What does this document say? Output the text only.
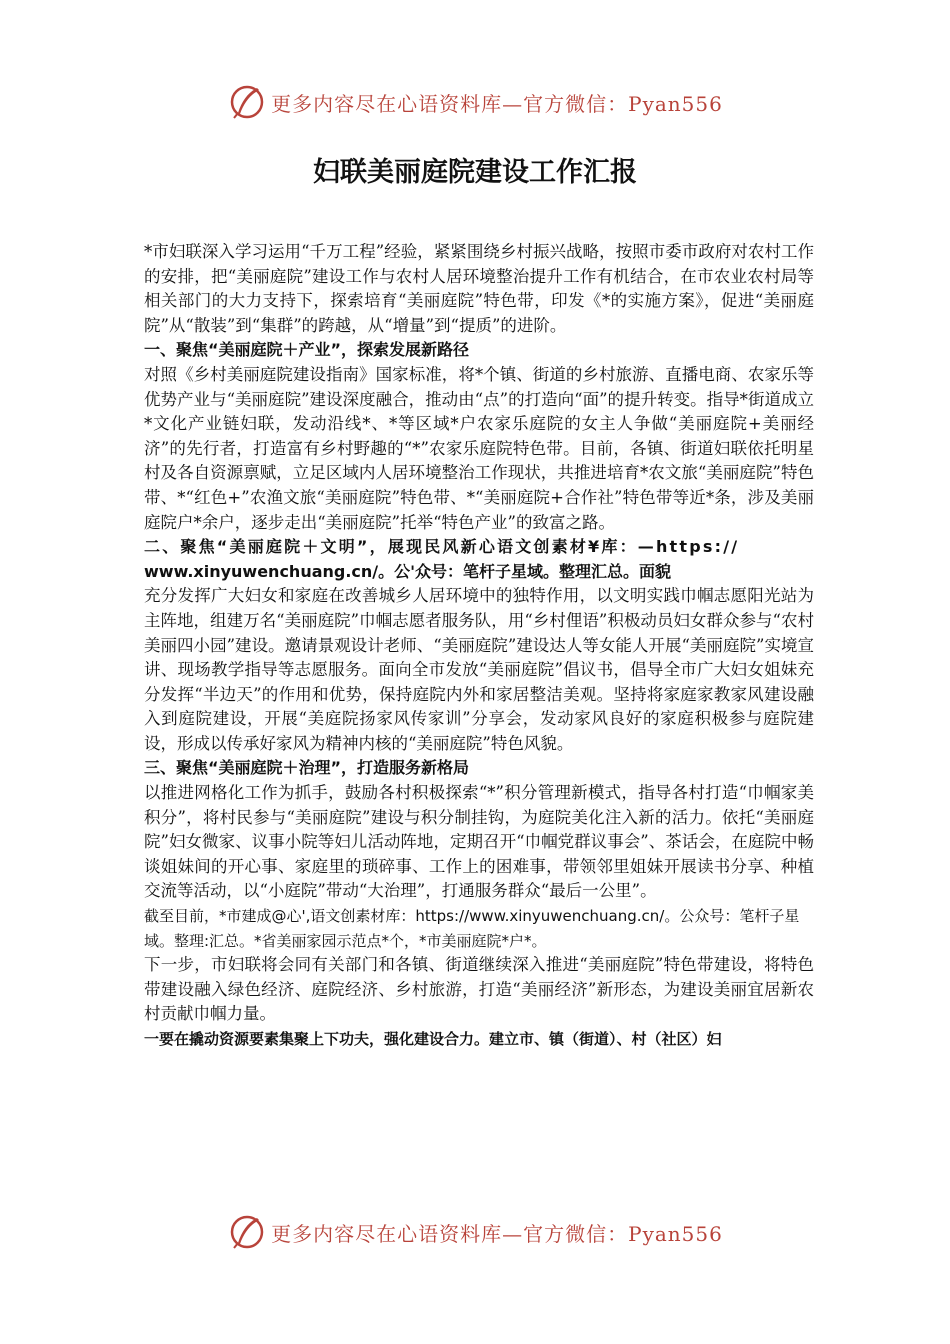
更多内容尽在心语资料库—官方微信：Pyan556
妇联美丽庭院建设工作汇报

*市妇联深入学习运用“千万工程”经验，紧紧围绕乡村振兴战略，按照市委市政府对农村工作的安排，把“美丽庭院”建设工作与农村人居环境整治提升工作有机结合，在市农业农村局等相关部门的大力支持下，探索培育“美丽庭院”特色带，印发《*的实施方案》，促进“美丽庭院”从“散装”到“集群”的跨越，从“增量”到“提质”的进阶。

一、聚焦“美丽庭院＋产业”，探索发展新路径

对照《乡村美丽庭院建设指南》国家标准，将*个镇、街道的乡村旅游、直播电商、农家乐等优势产业与“美丽庭院”建设深度融合，推动由“点”的打造向“面”的提升转变。指导*街道成立*文化产业链妇联，发动沿线*、*等区域*户农家乐庭院的女主人争做“美丽庭院+美丽经济”的先行者，打造富有乡村野趣的“*”农家乐庭院特色带。目前，各镇、街道妇联依托明星村及各自资源禀赋，立足区域内人居环境整治工作现状，共推进培育*农文旅“美丽庭院”特色带、*“红色+”农渔文旅“美丽庭院”特色带、*“美丽庭院+合作社”特色带等近*条，涉及美丽庭院户*余户，逐步走出“美丽庭院”托举“特色产业”的致富之路。

二、聚焦“美丽庭院＋文明”，展现民风新心语文创素材¥库：—https://

www.xinyuwenchuang.cn/。公'众号：笔杆子星域。整理汇总。面貌

充分发挥广大妇女和家庭在改善城乡人居环境中的独特作用，以文明实践巾帼志愿阳光站为主阵地，组建万名“美丽庭院”巾帼志愿者服务队，用“乡村俚语”积极动员妇女群众参与“农村美丽四小园”建设。邀请景观设计老师、“美丽庭院”建设达人等女能人开展“美丽庭院”实境宣讲、现场教学指导等志愿服务。面向全市发放“美丽庭院”倡议书，倡导全市广大妇女姐妹充分发挥“半边天”的作用和优势，保持庭院内外和家居整洁美观。坚持将家庭家教家风建设融入到庭院建设，开展“美庭院扬家风传家训”分享会，发动家风良好的家庭积极参与庭院建设，形成以传承好家风为精神内核的“美丽庭院”特色风貌。

三、聚焦“美丽庭院＋治理”，打造服务新格局

以推进网格化工作为抓手，鼓励各村积极探索“*”积分管理新模式，指导各村打造“巾帼家美积分”，将村民参与“美丽庭院”建设与积分制挂钩，为庭院美化注入新的活力。依托“美丽庭院”妇女微家、议事小院等妇儿活动阵地，定期召开“巾帼党群议事会”、茶话会，在庭院中畅谈姐妹间的开心事、家庭里的琐碎事、工作上的困难事，带领邻里姐妹开展读书分享、种植交流等活动，以“小庭院”带动“大治理”，打通服务群众“最后一公里”。

截至目前，*市建成@心',语文创素材库：https://www.xinyuwenchuang.cn/。公众号：笔杆子星域。整理:汇总。*省美丽家园示范点*个，*市美丽庭院*户*。

下一步，市妇联将会同有关部门和各镇、街道继续深入推进“美丽庭院”特色带建设，将特色带建设融入绿色经济、庭院经济、乡村旅游，打造“美丽经济”新形态，为建设美丽宜居新农村贡献巾帼力量。

一要在撬动资源要素集聚上下功夫，强化建设合力。建立市、镇（街道）、村（社区）妇

更多内容尽在心语资料库—官方微信：Pyan556
